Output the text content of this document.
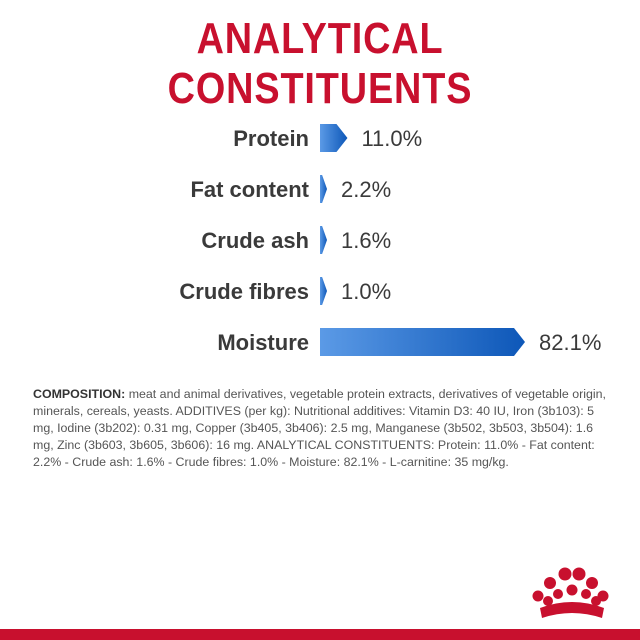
ANALYTICAL CONSTITUENTS
Protein 11.0%
Fat content 2.2%
Crude ash 1.6%
Crude fibres 1.0%
Moisture	82.1%
COMPOSITION: meat and animal derivatives, vegetable protein extracts, derivatives of vegetable origin, minerals, cereals, yeasts. ADDITIVES (per kg): Nutritional additives: Vitamin D3: 40 IU, Iron (3b103): 5 mg, Iodine (3b202): 0.31 mg, Copper (3b405, 3b406): 2.5 mg, Manganese (3b502, 3b503, 3b504): 1.6 mg, Zinc (3b603, 3b605, 3b606): 16 mg. ANALYTICAL CONSTITUENTS: Protein: 11.0% - Fat content: 2.2% - Crude ash: 1.6% - Crude fibres: 1.0% - Moisture: 82.1% - L-carnitine: 35 mg/kg.
